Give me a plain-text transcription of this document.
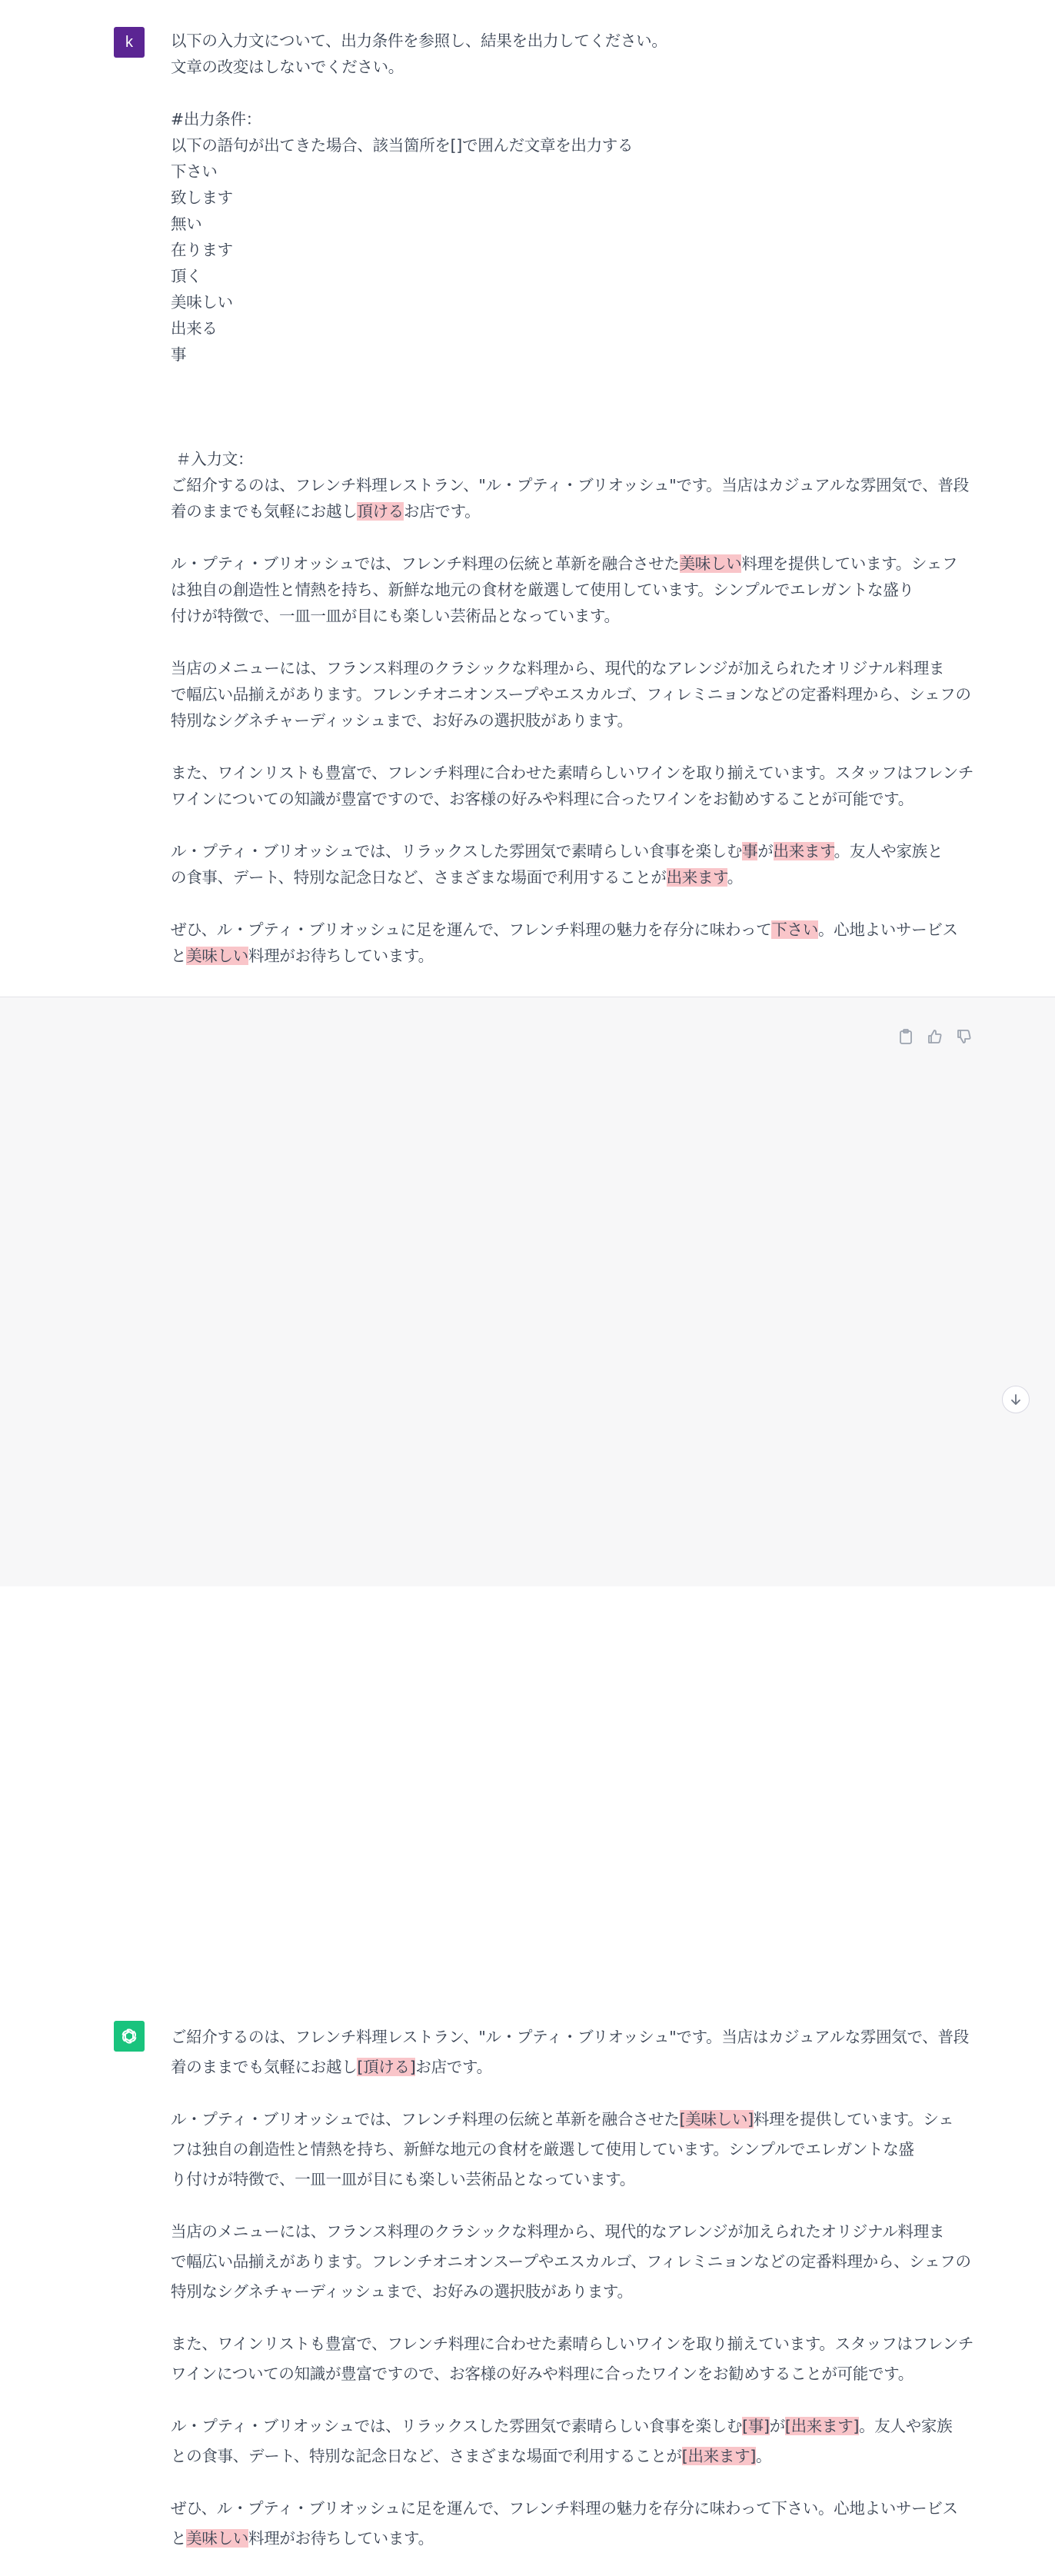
k 以下の入力文について、出力条件を参照し、結果を出力してください。
文章の改変はしないでください。
#出力条件：
以下の語句が出てきた場合、該当箇所を[]で囲んだ文章を出力する
下さい
致します
無い
在ります
頂く
美味しい
出来る
事
＃入力文：
ご紹介するのは、フレンチ料理レストラン、"ル・プティ・ブリオッシュ"です。当店はカジュアルな雰囲気で、普段
着のままでも気軽にお越し頂けるお店です。
ル・プティ・ブリオッシュでは、フレンチ料理の伝統と革新を融合させた美味しい料理を提供しています。シェフ
は独自の創造性と情熱を持ち、新鮮な地元の食材を厳選して使用しています。シンプルでエレガントな盛り
付けが特徴で、一皿一皿が目にも楽しい芸術品となっています。
当店のメニューには、フランス料理のクラシックな料理から、現代的なアレンジが加えられたオリジナル料理ま
で幅広い品揃えがあります。フレンチオニオンスープやエスカルゴ、フィレミニョンなどの定番料理から、シェフの
特別なシグネチャーディッシュまで、お好みの選択肢があります。
また、ワインリストも豊富で、フレンチ料理に合わせた素晴らしいワインを取り揃えています。スタッフはフレンチ
ワインについての知識が豊富ですので、お客様の好みや料理に合ったワインをお勧めすることが可能です。
ル・プティ・ブリオッシュでは、リラックスした雰囲気で素晴らしい食事を楽しむ事が出来ます。友人や家族と
の食事、デート、特別な記念日など、さまざまな場面で利用することが出来ます。
ぜひ、ル・プティ・ブリオッシュに足を運んで、フレンチ料理の魅力を存分に味わって下さい。心地よいサービス
と美味しい料理がお待ちしています。
ご紹介するのは、フレンチ料理レストラン、"ル・プティ・ブリオッシュ"です。当店はカジュアルな雰囲気で、普段
着のままでも気軽にお越し[頂ける]お店です。
ル・プティ・ブリオッシュでは、フレンチ料理の伝統と革新を融合させた[美味しい]料理を提供しています。シェ
フは独自の創造性と情熱を持ち、新鮮な地元の食材を厳選して使用しています。シンプルでエレガントな盛
り付けが特徴で、一皿一皿が目にも楽しい芸術品となっています。
当店のメニューには、フランス料理のクラシックな料理から、現代的なアレンジが加えられたオリジナル料理ま
で幅広い品揃えがあります。フレンチオニオンスープやエスカルゴ、フィレミニョンなどの定番料理から、シェフの
特別なシグネチャーディッシュまで、お好みの選択肢があります。
また、ワインリストも豊富で、フレンチ料理に合わせた素晴らしいワインを取り揃えています。スタッフはフレンチ
ワインについての知識が豊富ですので、お客様の好みや料理に合ったワインをお勧めすることが可能です。
ル・プティ・ブリオッシュでは、リラックスした雰囲気で素晴らしい食事を楽しむ[事]が[出来ます]。友人や家族
との食事、デート、特別な記念日など、さまざまな場面で利用することが[出来ます]。
ぜひ、ル・プティ・ブリオッシュに足を運んで、フレンチ料理の魅力を存分に味わって下さい。心地よいサービス
と美味しい料理がお待ちしています。
